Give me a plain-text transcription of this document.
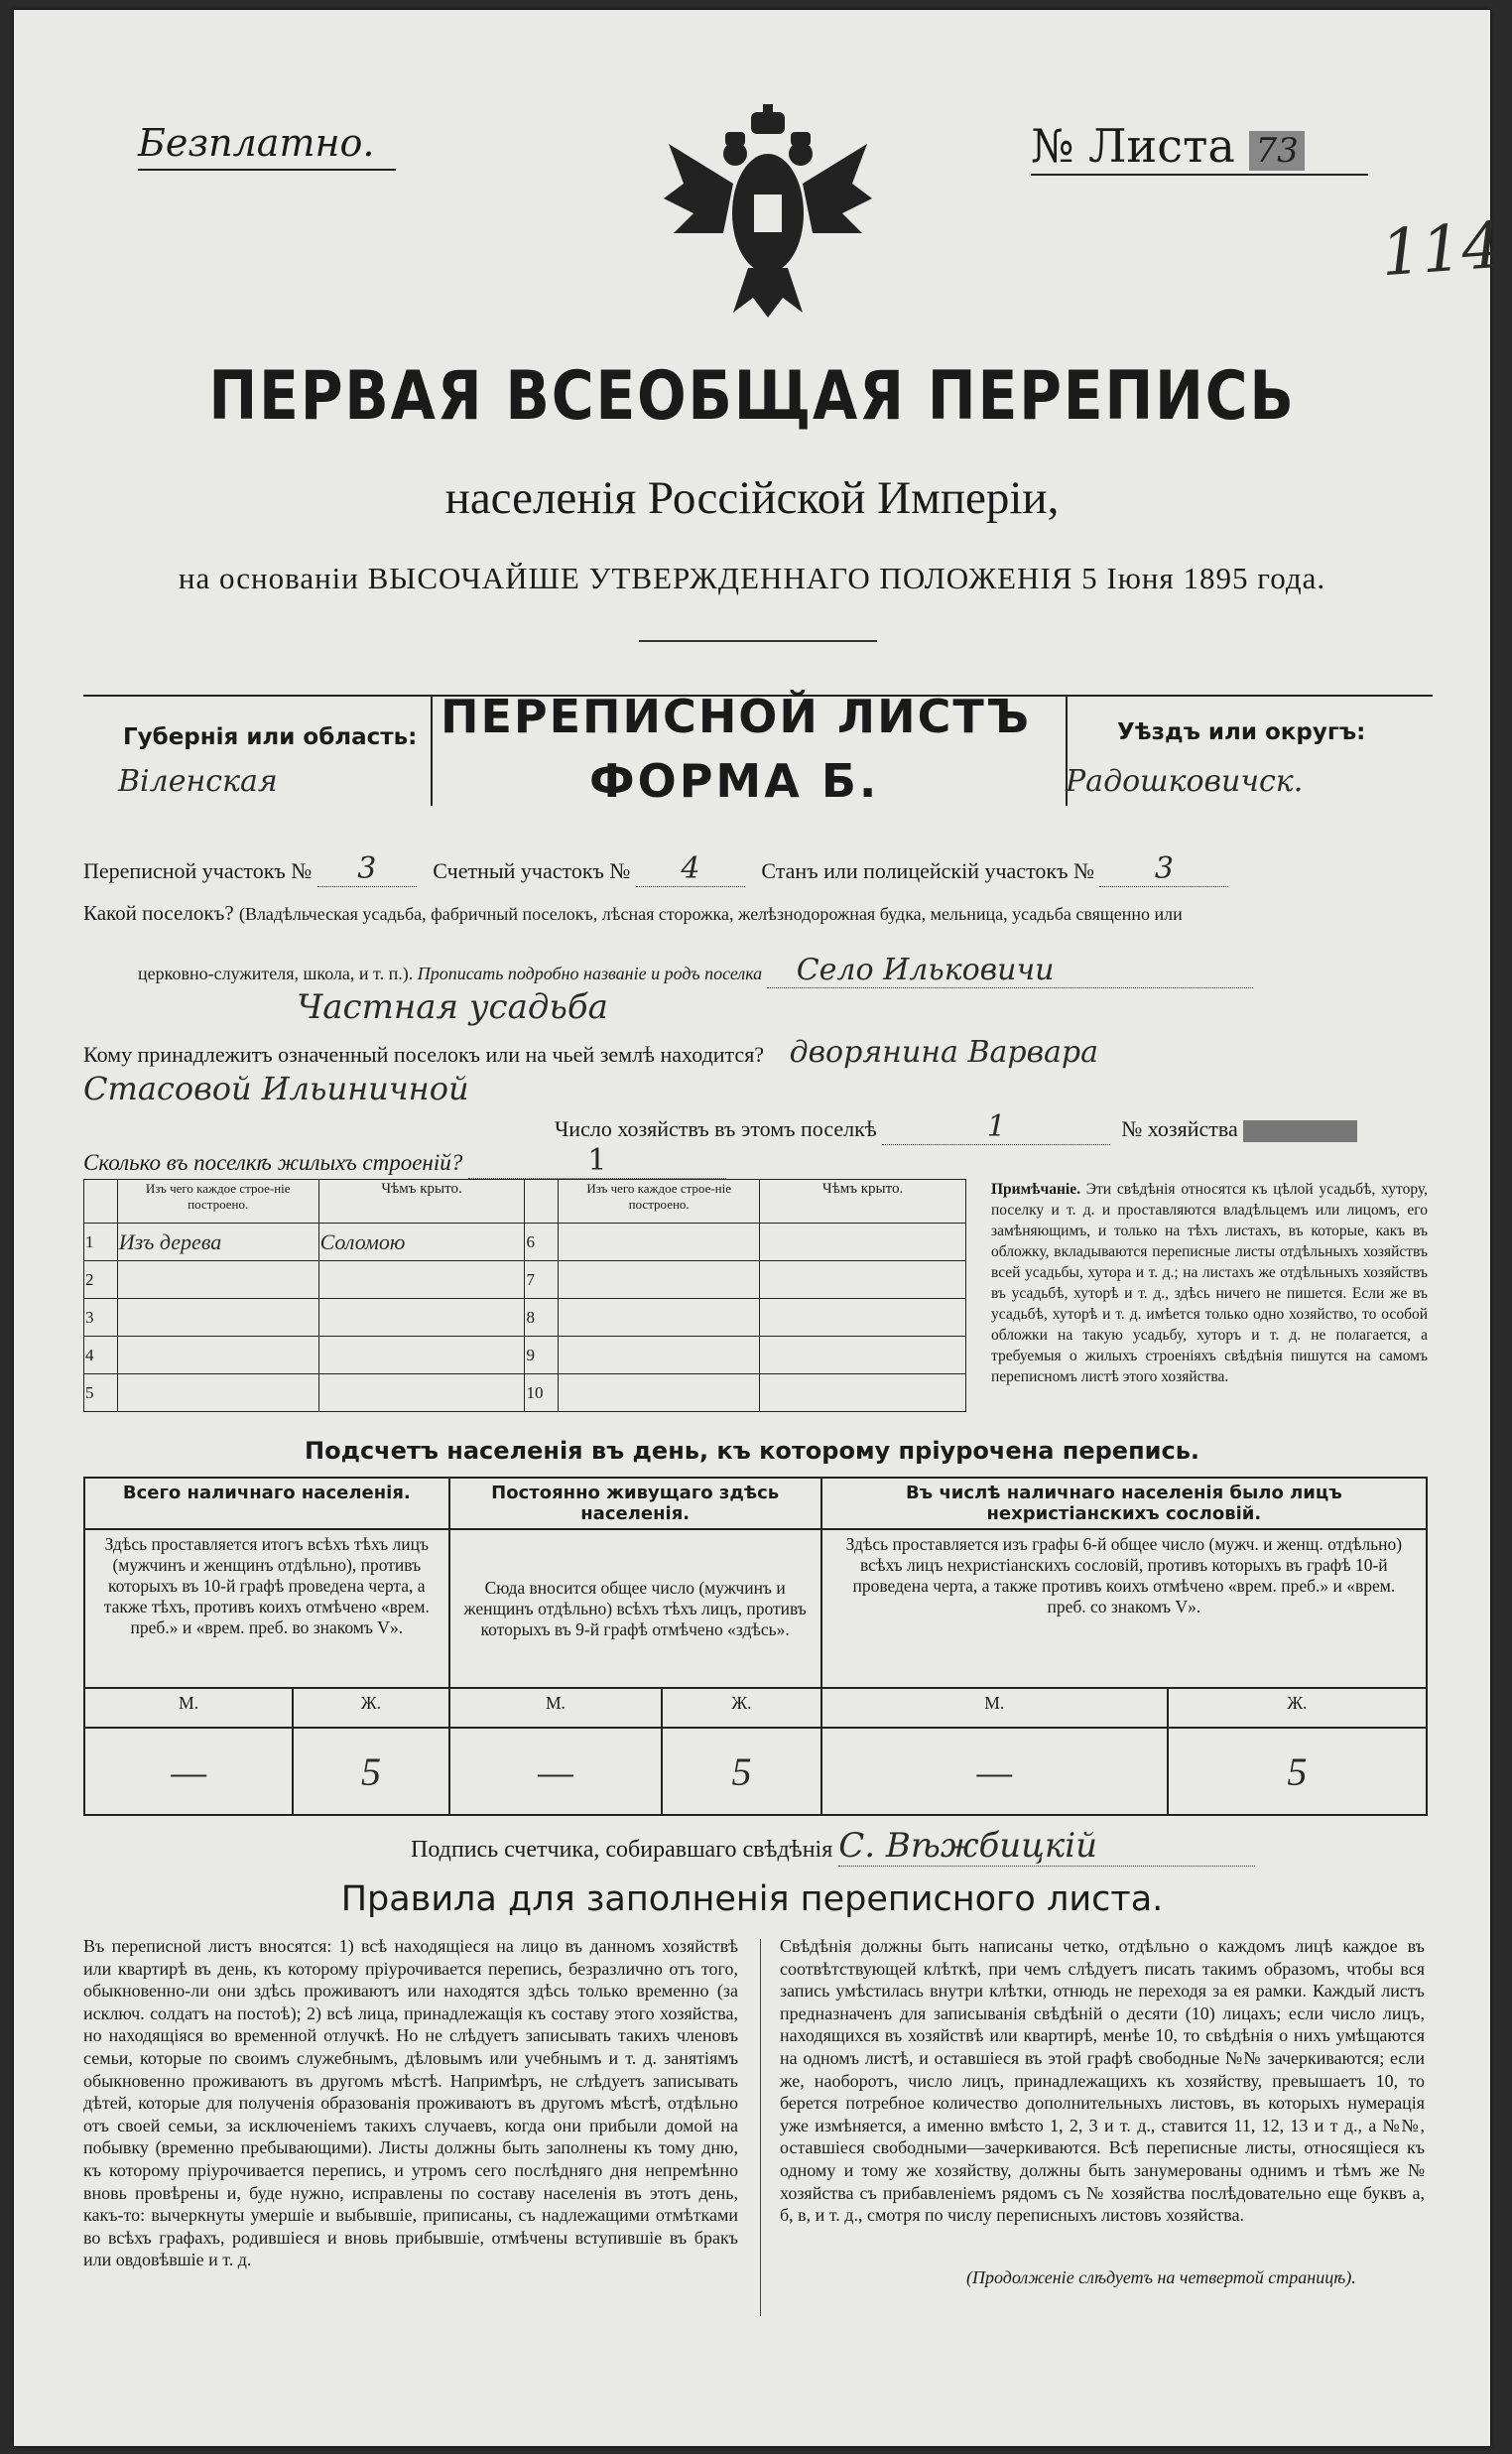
Безплатно.	№ Листа 73
114
ПЕРВАЯ ВСЕОБЩАЯ ПЕРЕПИСЬ
населенія Россійской Имперіи,
на основаніи ВЫСОЧАЙШЕ УТВЕРЖДЕННАГО ПОЛОЖЕНІЯ 5 Іюня 1895 года.
Губернія или область:
Віленская
ПЕРЕПИСНОЙ ЛИСТЪ
ФОРМА Б.
Уѣздъ или округъ:
Радошковичск.
Переписной участокъ № 3	Счетный участокъ № 4	Станъ или полицейскій участокъ № 3
Какой поселокъ? (Владѣльческая усадьба, фабричный поселокъ, лѣсная сторожка, желѣзнодорожная будка, мельница, усадьба священно или
церковно-служителя, школа, и т. п.). Прописать подробно названіе и родъ поселка Село Ильковичи
Частная усадьба
Кому принадлежитъ означенный поселокъ или на чьей землѣ находится? дворянина Варвара
Стасовой Ильиничной
Число хозяйствъ въ этомъ поселкѣ	1	№ хозяйства
Сколько въ поселкѣ жилыхъ строеній?	1
	Изъ чего каждое строе-ніе построено.	Чѣмъ крыто.		Изъ чего каждое строе-ніе построено.	Чѣмъ крыто.
1	Изъ дерева	Соломою	6		
2			7		
3			8		
4			9		
5			10		
Примѣчаніе. Эти свѣдѣнія относятся къ цѣлой усадьбѣ, хутору, поселку и т. д. и проставляются владѣльцемъ или лицомъ, его замѣняющимъ, и только на тѣхъ листахъ, въ которые, какъ въ обложку, вкладываются переписные листы отдѣльныхъ хозяйствъ всей усадьбы, хутора и т. д.; на листахъ же отдѣльныхъ хозяйствъ въ усадьбѣ, хуторѣ и т. д., здѣсь ничего не пишется. Если же въ усадьбѣ, хуторѣ и т. д. имѣется только одно хозяйство, то особой обложки на такую усадьбу, хуторъ и т. д. не полагается, а требуемыя о жилыхъ строеніяхъ свѣдѣнія пишутся на самомъ переписномъ листѣ этого хозяйства.
Подсчетъ населенія въ день, къ которому пріурочена перепись.
Всего наличнаго населенія.		Постоянно живущаго здѣсь населенія.		Въ числѣ наличнаго населенія было лицъ нехристіанскихъ сословій.	
Здѣсь проставляется итогъ всѣхъ тѣхъ лицъ (мужчинъ и женщинъ отдѣльно), противъ которыхъ въ 10-й графѣ проведена черта, а также тѣхъ, противъ коихъ отмѣчено «врем. преб.» и «врем. преб. во знакомъ V».		Сюда вносится общее число (мужчинъ и женщинъ отдѣльно) всѣхъ тѣхъ лицъ, противъ которыхъ въ 9-й графѣ отмѣчено «здѣсь».		Здѣсь проставляется изъ графы 6-й общее число (мужч. и женщ. отдѣльно) всѣхъ лицъ нехристіанскихъ сословій, противъ которыхъ въ графѣ 10-й проведена черта, а также противъ коихъ отмѣчено «врем. преб.» и «врем. преб. со знакомъ V».	
М.	Ж.	М.	Ж.	М.	Ж.
—	5	—	5	—	5
Подпись счетчика, собиравшаго свѣдѣнія С. Вѣжбицкій
Правила для заполненія переписного листа.
Въ переписной листъ вносятся: 1) всѣ находящіеся на лицо въ данномъ хозяйствѣ или квартирѣ въ день, къ которому пріурочивается перепись, безразлично отъ того, обыкновенно-ли они здѣсь проживаютъ или находятся здѣсь только временно (за исключ. солдатъ на постоѣ); 2) всѣ лица, принадлежащія къ составу этого хозяйства, но находящіяся во временной отлучкѣ. Но не слѣдуетъ записывать такихъ членовъ семьи, которые по своимъ служебнымъ, дѣловымъ или учебнымъ и т. д. занятіямъ обыкновенно проживаютъ въ другомъ мѣстѣ. Напримѣръ, не слѣдуетъ записывать дѣтей, которые для полученія образованія проживаютъ въ другомъ мѣстѣ, отдѣльно отъ своей семьи, за исключеніемъ такихъ случаевъ, когда они прибыли домой на побывку (временно пребывающими). Листы должны быть заполнены къ тому дню, къ которому пріурочивается перепись, и утромъ сего послѣдняго дня непремѣнно вновь провѣрены и, буде нужно, исправлены по составу населенія въ этотъ день, какъ-то: вычеркнуты умершіе и выбывшіе, приписаны, съ надлежащими отмѣтками во всѣхъ графахъ, родившіеся и вновь прибывшіе, отмѣчены вступившіе въ бракъ или овдовѣвшіе и т. д.
Свѣдѣнія должны быть написаны четко, отдѣльно о каждомъ лицѣ каждое въ соотвѣтствующей клѣткѣ, при чемъ слѣдуетъ писать такимъ образомъ, чтобы вся запись умѣстилась внутри клѣтки, отнюдь не переходя за ея рамки. Каждый листъ предназначенъ для записыванія свѣдѣній о десяти (10) лицахъ; если число лицъ, находящихся въ хозяйствѣ или квартирѣ, менѣе 10, то свѣдѣнія о нихъ умѣщаются на одномъ листѣ, и оставшіеся въ этой графѣ свободные №№ зачеркиваются; если же, наоборотъ, число лицъ, принадлежащихъ къ хозяйству, превышаетъ 10, то берется потребное количество дополнительныхъ листовъ, въ которыхъ нумерація уже измѣняется, а именно вмѣсто 1, 2, 3 и т. д., ставится 11, 12, 13 и т д., а №№, оставшіеся свободными—зачеркиваются. Всѣ переписные листы, относящіеся къ одному и тому же хозяйству, должны быть занумерованы однимъ и тѣмъ же № хозяйства съ прибавленіемъ рядомъ съ № хозяйства послѣдовательно еще буквъ а, б, в, и т. д., смотря по числу переписныхъ листовъ хозяйства.
(Продолженіе слѣдуетъ на четвертой страницѣ).
